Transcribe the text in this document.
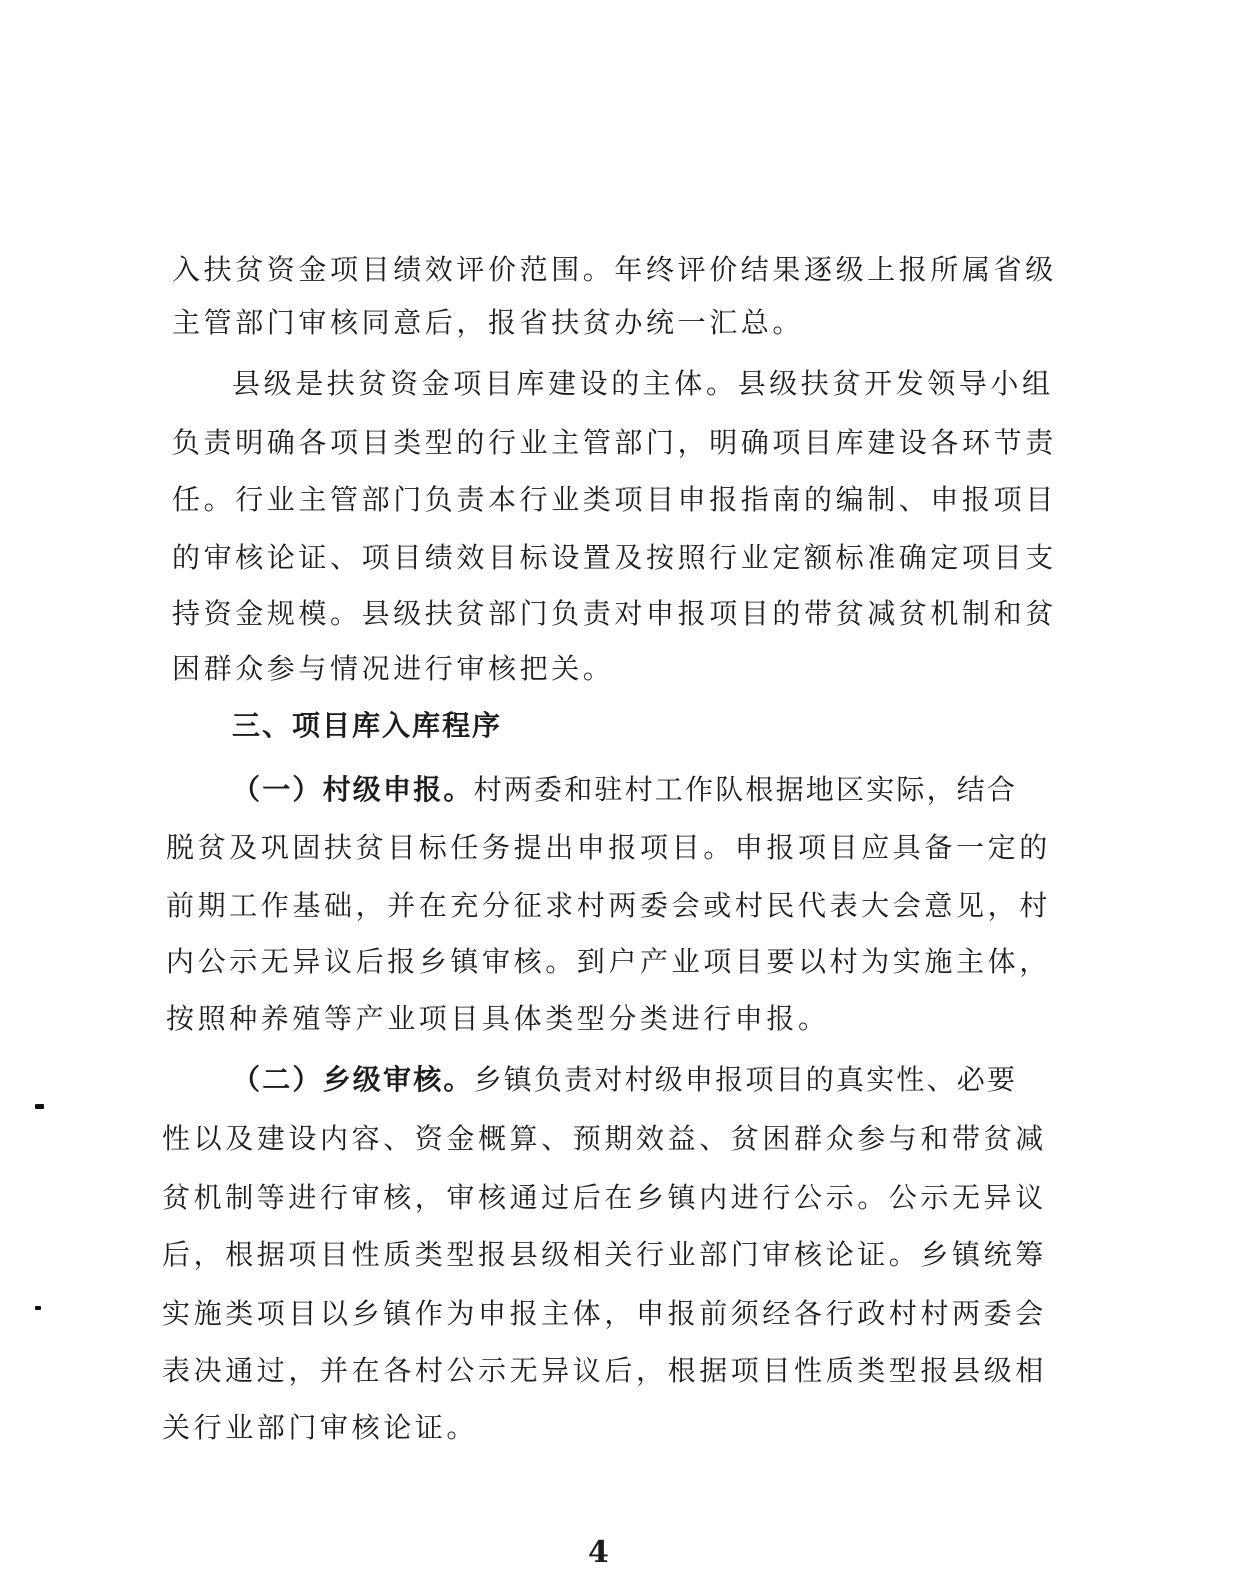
入扶贫资金项目绩效评价范围。年终评价结果逐级上报所属省级
主管部门审核同意后，报省扶贫办统一汇总。
县级是扶贫资金项目库建设的主体。县级扶贫开发领导小组
负责明确各项目类型的行业主管部门，明确项目库建设各环节责
任。行业主管部门负责本行业类项目申报指南的编制、申报项目
的审核论证、项目绩效目标设置及按照行业定额标准确定项目支
持资金规模。县级扶贫部门负责对申报项目的带贫减贫机制和贫
困群众参与情况进行审核把关。
三、项目库入库程序
（一）村级申报。村两委和驻村工作队根据地区实际，结合
脱贫及巩固扶贫目标任务提出申报项目。申报项目应具备一定的
前期工作基础，并在充分征求村两委会或村民代表大会意见，村
内公示无异议后报乡镇审核。到户产业项目要以村为实施主体，
按照种养殖等产业项目具体类型分类进行申报。
（二）乡级审核。乡镇负责对村级申报项目的真实性、必要
性以及建设内容、资金概算、预期效益、贫困群众参与和带贫减
贫机制等进行审核，审核通过后在乡镇内进行公示。公示无异议
后，根据项目性质类型报县级相关行业部门审核论证。乡镇统筹
实施类项目以乡镇作为申报主体，申报前须经各行政村村两委会
表决通过，并在各村公示无异议后，根据项目性质类型报县级相
关行业部门审核论证。
4
